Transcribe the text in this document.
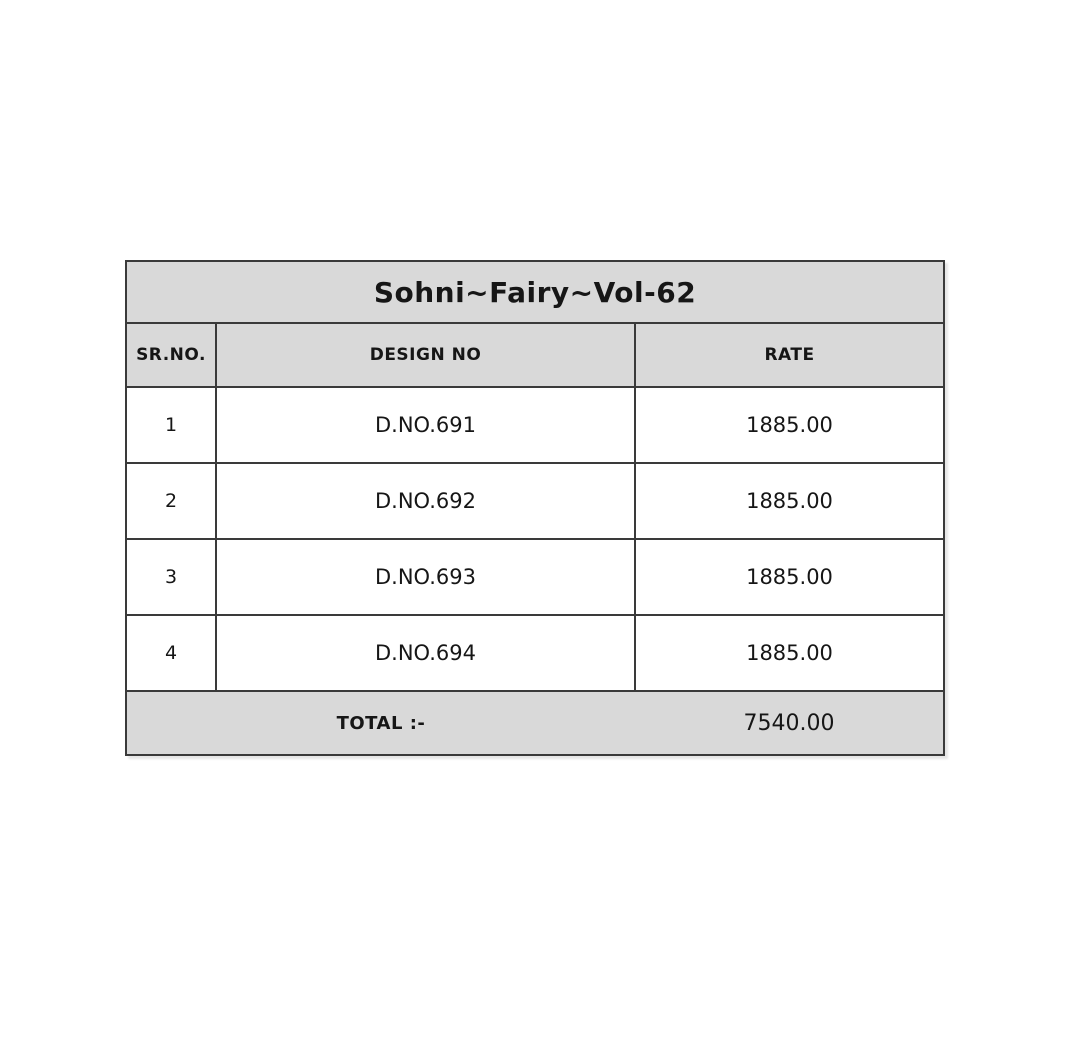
Sohni~Fairy~Vol-62		
SR.NO.	DESIGN NO	RATE
1	D.NO.691	1885.00
2	D.NO.692	1885.00
3	D.NO.693	1885.00
4	D.NO.694	1885.00
TOTAL :-		7540.00
